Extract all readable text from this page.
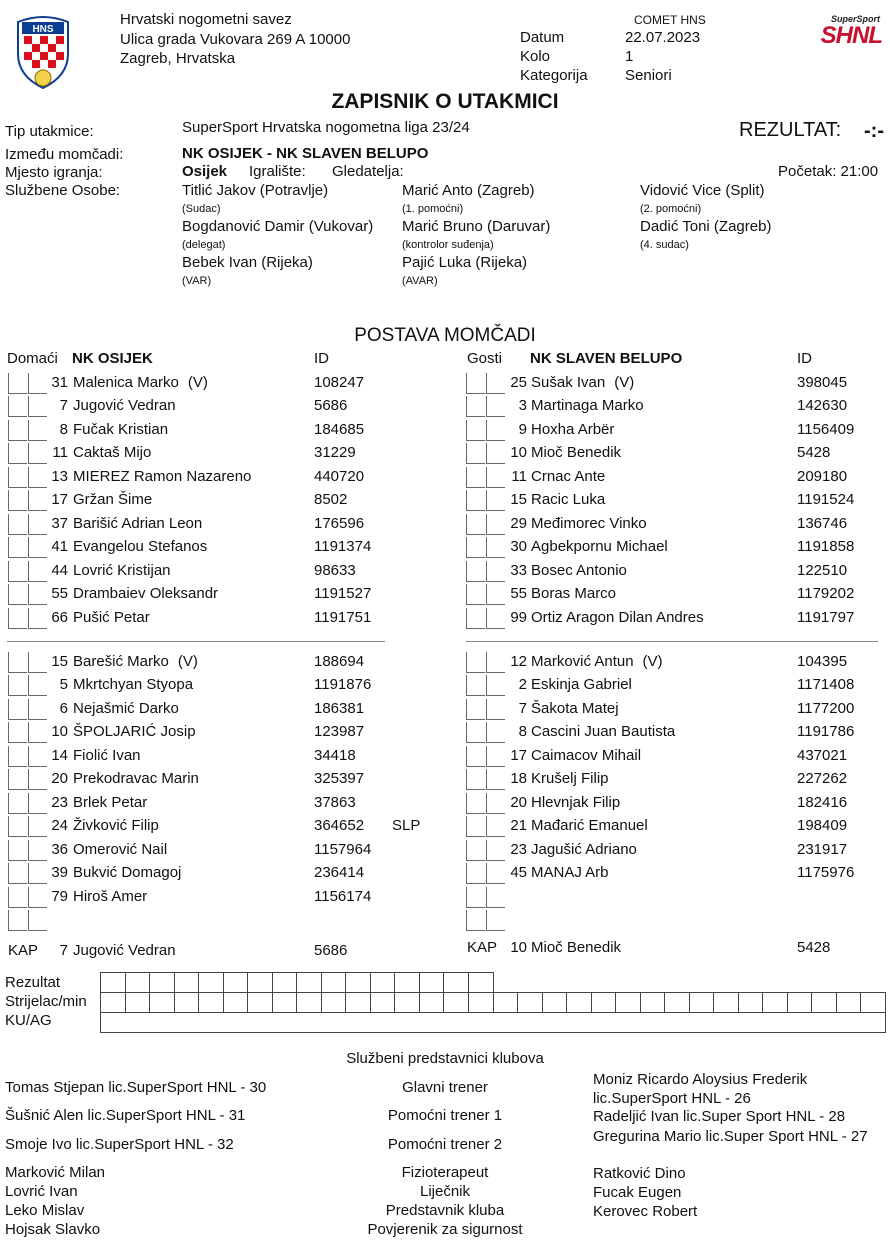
HNS
Hrvatski nogometni savez
Ulica grada Vukovara 269 A 10000
Zagreb, Hrvatska
COMET HNS
Datum	22.07.2023
Kolo	1
Kategorija Seniori
SuperSport
SHNL
ZAPISNIK O UTAKMICI
Tip utakmice:	SuperSport Hrvatska nogometna liga 23/24	REZULTAT: -:-
Između momčadi:	NK OSIJEK - NK SLAVEN BELUPO
Mjesto igranja:	Osijek Igralište: Gledatelja:	Početak: 21:00
Službene Osobe:	Titlić Jakov (Potravlje)
(Sudac)
Marić Anto (Zagreb)
(1. pomoćni)
Vidović Vice (Split)
(2. pomoćni)
Bogdanović Damir (Vukovar)
(delegat)
Marić Bruno (Daruvar)
(kontrolor suđenja)
Dadić Toni (Zagreb)
(4. sudac)
Bebek Ivan (Rijeka)
(VAR)
Pajić Luka (Rijeka)
(AVAR)
POSTAVA MOMČADI
Domaći NK OSIJEK	ID	Gosti NK SLAVEN BELUPO	ID
31 Malenica Marko (V)	108247
7 Jugović Vedran	5686
8 Fučak Kristian	184685
11 Caktaš Mijo	31229
13 MIEREZ Ramon Nazareno	440720
17 Gržan Šime	8502
37 Barišić Adrian Leon	176596
41 Evangelou Stefanos	1191374
44 Lovrić Kristijan	98633
55 Drambaiev Oleksandr	1191527
66 Pušić Petar	1191751
15 Barešić Marko (V)	188694
5 Mkrtchyan Styopa	1191876
6 Nejašmić Darko	186381
10 ŠPOLJARIĆ Josip	123987
14 Fiolić Ivan	34418
20 Prekodravac Marin	325397
23 Brlek Petar	37863
24 Živković Filip	364652 SLP
36 Omerović Nail	1157964
39 Bukvić Domagoj	236414
79 Hiroš Amer	1156174
25 Sušak Ivan (V)	398045
3 Martinaga Marko	142630
9 Hoxha Arbër	1156409
10 Mioč Benedik	5428
11 Crnac Ante	209180
15 Racic Luka	1191524
29 Međimorec Vinko	136746
30 Agbekpornu Michael	1191858
33 Bosec Antonio	122510
55 Boras Marco	1179202
99 Ortiz Aragon Dilan Andres	1191797
12 Marković Antun (V)	104395
2 Eskinja Gabriel	1171408
7 Šakota Matej	1177200
8 Cascini Juan Bautista	1191786
17 Caimacov Mihail	437021
18 Krušelj Filip	227262
20 Hlevnjak Filip	182416
21 Mađarić Emanuel	198409
23 Jagušić Adriano	231917
45 MANAJ Arb	1175976
KAP	7 Jugović Vedran	5686	KAP 10 Mioč Benedik	5428
Rezultat
Strijelac/min
KU/AG

Službeni predstavnici klubova
Tomas Stjepan lic.SuperSport HNL - 30	Glavni trener	Moniz Ricardo Aloysius Frederik lic.SuperSport HNL - 26
Šušnić Alen lic.SuperSport HNL - 31	Pomoćni trener 1	Radeljić Ivan lic.Super Sport HNL - 28
Smoje Ivo lic.SuperSport HNL - 32	Pomoćni trener 2	Gregurina Mario lic.Super Sport HNL - 27
Marković Milan	Fizioterapeut	Ratković Dino
Lovrić Ivan	Liječnik	Fucak Eugen
Leko Mislav	Predstavnik kluba	Kerovec Robert
Hojsak Slavko	Povjerenik za sigurnost
